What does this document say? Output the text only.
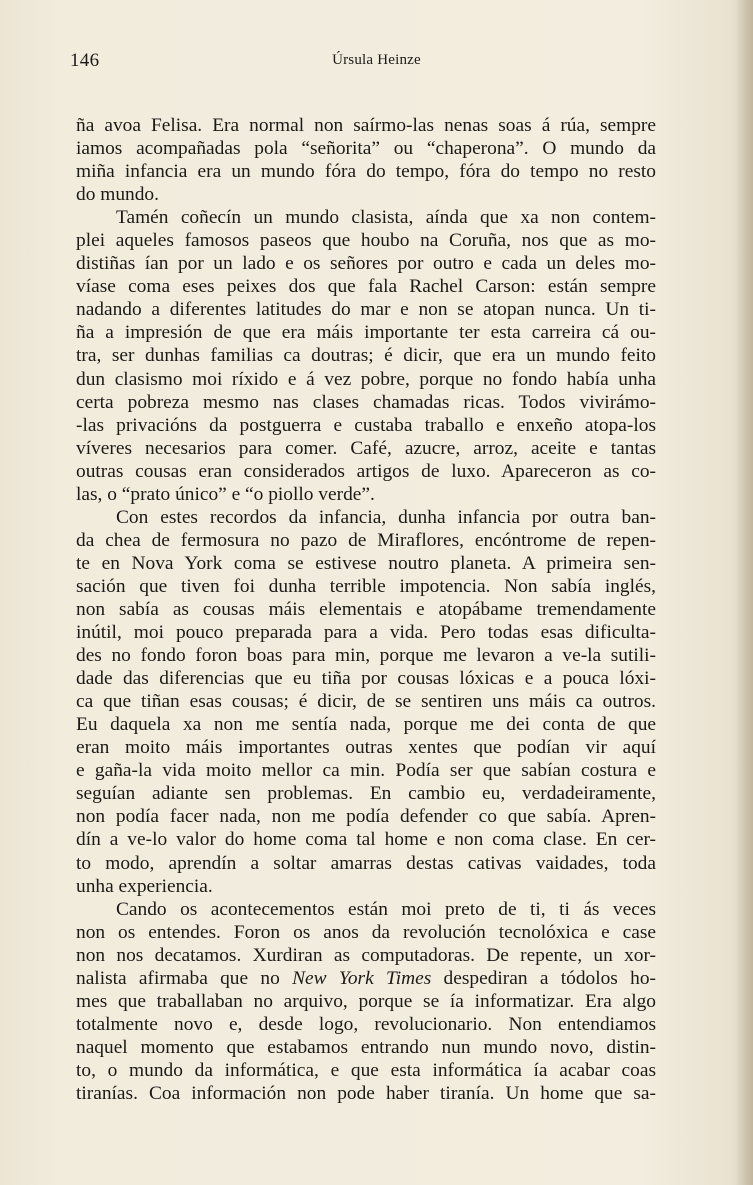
146	Úrsula Heinze
ña avoa Felisa. Era normal non saírmo-las nenas soas á rúa, sempre
iamos acompañadas pola “señorita” ou “chaperona”. O mundo da
miña infancia era un mundo fóra do tempo, fóra do tempo no resto
do mundo.
Tamén coñecín un mundo clasista, aínda que xa non contem-
plei aqueles famosos paseos que houbo na Coruña, nos que as mo-
distiñas ían por un lado e os señores por outro e cada un deles mo-
víase coma eses peixes dos que fala Rachel Carson: están sempre
nadando a diferentes latitudes do mar e non se atopan nunca. Un ti-
ña a impresión de que era máis importante ter esta carreira cá ou-
tra, ser dunhas familias ca doutras; é dicir, que era un mundo feito
dun clasismo moi ríxido e á vez pobre, porque no fondo había unha
certa pobreza mesmo nas clases chamadas ricas. Todos vivirámo-
-las privacións da postguerra e custaba traballo e enxeño atopa-los
víveres necesarios para comer. Café, azucre, arroz, aceite e tantas
outras cousas eran considerados artigos de luxo. Apareceron as co-
las, o “prato único” e “o piollo verde”.
Con estes recordos da infancia, dunha infancia por outra ban-
da chea de fermosura no pazo de Miraflores, encóntrome de repen-
te en Nova York coma se estivese noutro planeta. A primeira sen-
sación que tiven foi dunha terrible impotencia. Non sabía inglés,
non sabía as cousas máis elementais e atopábame tremendamente
inútil, moi pouco preparada para a vida. Pero todas esas dificulta-
des no fondo foron boas para min, porque me levaron a ve-la sutili-
dade das diferencias que eu tiña por cousas lóxicas e a pouca lóxi-
ca que tiñan esas cousas; é dicir, de se sentiren uns máis ca outros.
Eu daquela xa non me sentía nada, porque me dei conta de que
eran moito máis importantes outras xentes que podían vir aquí
e gaña-la vida moito mellor ca min. Podía ser que sabían costura e
seguían adiante sen problemas. En cambio eu, verdadeiramente,
non podía facer nada, non me podía defender co que sabía. Apren-
dín a ve-lo valor do home coma tal home e non coma clase. En cer-
to modo, aprendín a soltar amarras destas cativas vaidades, toda
unha experiencia.
Cando os acontecementos están moi preto de ti, ti ás veces
non os entendes. Foron os anos da revolución tecnolóxica e case
non nos decatamos. Xurdiran as computadoras. De repente, un xor-
nalista afirmaba que no New York Times despediran a tódolos ho-
mes que traballaban no arquivo, porque se ía informatizar. Era algo
totalmente novo e, desde logo, revolucionario. Non entendiamos
naquel momento que estabamos entrando nun mundo novo, distin-
to, o mundo da informática, e que esta informática ía acabar coas
tiranías. Coa información non pode haber tiranía. Un home que sa-
